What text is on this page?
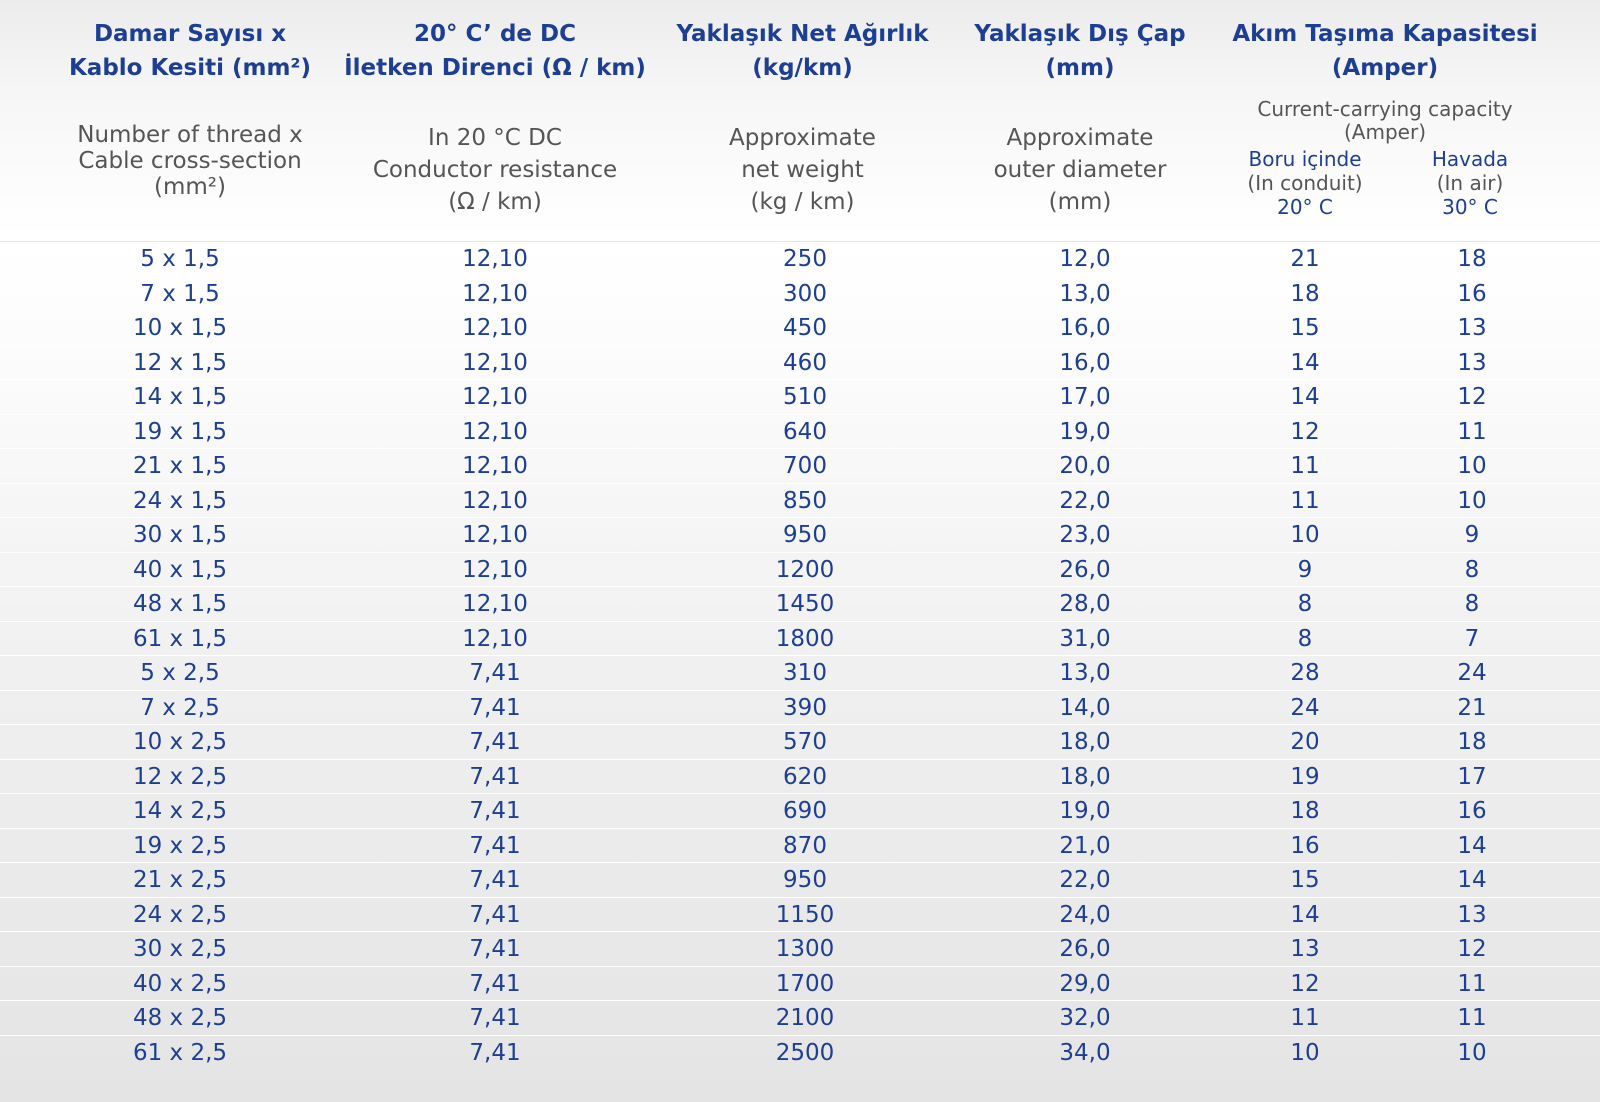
Damar Sayısı x
Kablo Kesiti (mm²)
Number of thread x
Cable cross-section
(mm²)
20° C’ de DC
İletken Direnci (Ω / km)
In 20 °C DC
Conductor resistance
(Ω / km)
Yaklaşık Net Ağırlık
(kg/km)
Approximate
net weight
(kg / km)
Yaklaşık Dış Çap
(mm)
Approximate
outer diameter
(mm)
Akım Taşıma Kapasitesi
(Amper)
Current-carrying capacity
(Amper)
Boru içinde
(In conduit)
20° C
Havada
(In air)
30° C
5 x 1,5	12,10	250	12,0	21	18
7 x 1,5	12,10	300	13,0	18	16
10 x 1,5	12,10	450	16,0	15	13
12 x 1,5	12,10	460	16,0	14	13
14 x 1,5	12,10	510	17,0	14	12
19 x 1,5	12,10	640	19,0	12	11
21 x 1,5	12,10	700	20,0	11	10
24 x 1,5	12,10	850	22,0	11	10
30 x 1,5	12,10	950	23,0	10	9
40 x 1,5	12,10	1200	26,0	9	8
48 x 1,5	12,10	1450	28,0	8	8
61 x 1,5	12,10	1800	31,0	8	7
5 x 2,5	7,41	310	13,0	28	24
7 x 2,5	7,41	390	14,0	24	21
10 x 2,5	7,41	570	18,0	20	18
12 x 2,5	7,41	620	18,0	19	17
14 x 2,5	7,41	690	19,0	18	16
19 x 2,5	7,41	870	21,0	16	14
21 x 2,5	7,41	950	22,0	15	14
24 x 2,5	7,41	1150	24,0	14	13
30 x 2,5	7,41	1300	26,0	13	12
40 x 2,5	7,41	1700	29,0	12	11
48 x 2,5	7,41	2100	32,0	11	11
61 x 2,5	7,41	2500	34,0	10	10
